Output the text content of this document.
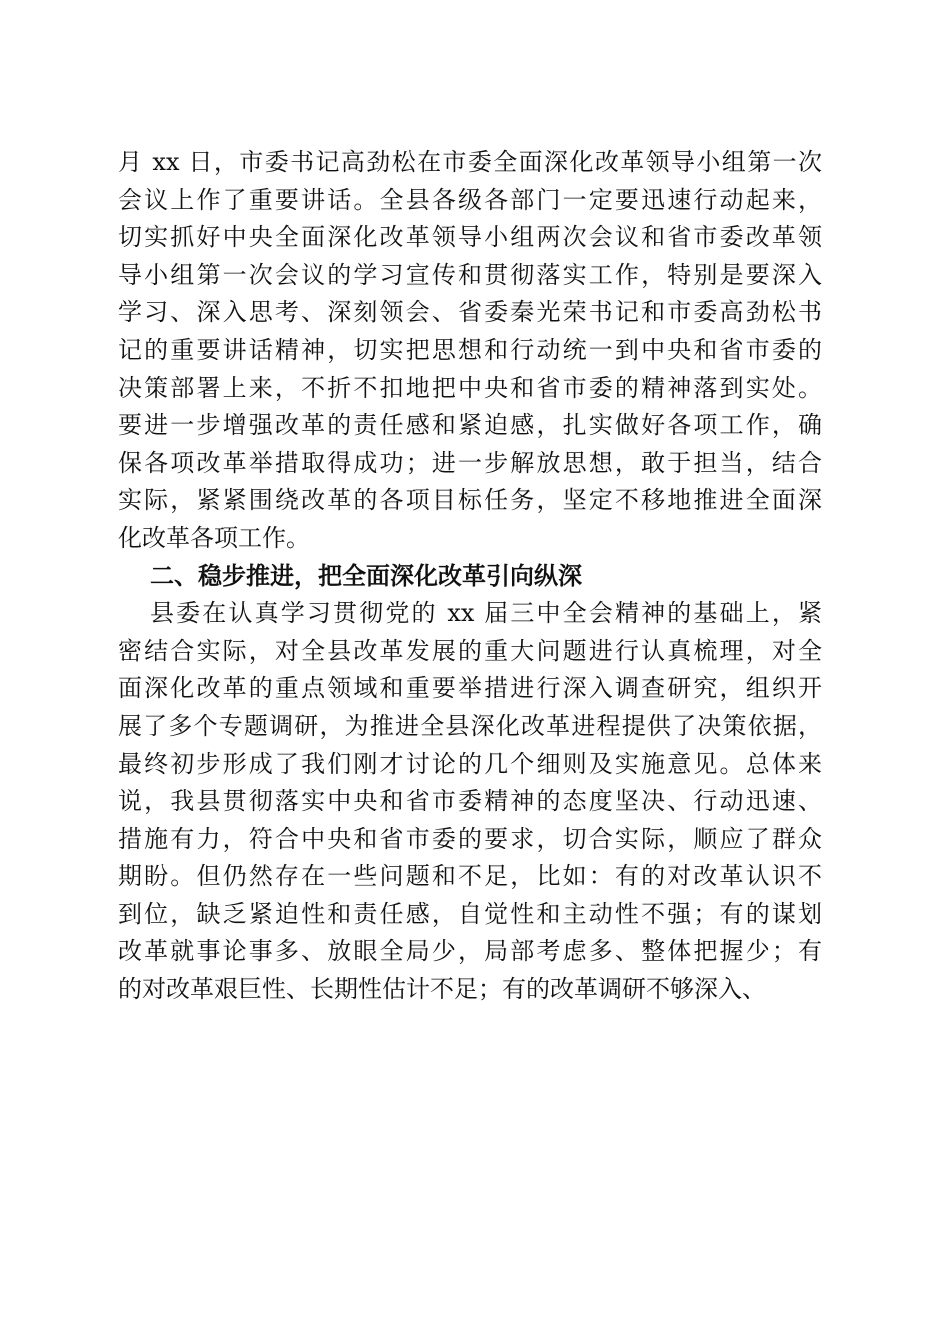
月 xx 日，市委书记高劲松在市委全面深化改革领导小组第一次
会议上作了重要讲话。全县各级各部门一定要迅速行动起来，
切实抓好中央全面深化改革领导小组两次会议和省市委改革领
导小组第一次会议的学习宣传和贯彻落实工作，特别是要深入
学习、深入思考、深刻领会、省委秦光荣书记和市委高劲松书
记的重要讲话精神，切实把思想和行动统一到中央和省市委的
决策部署上来，不折不扣地把中央和省市委的精神落到实处。
要进一步增强改革的责任感和紧迫感，扎实做好各项工作，确
保各项改革举措取得成功；进一步解放思想，敢于担当，结合
实际，紧紧围绕改革的各项目标任务，坚定不移地推进全面深
化改革各项工作。
二、稳步推进，把全面深化改革引向纵深
县委在认真学习贯彻党的 xx 届三中全会精神的基础上，紧
密结合实际，对全县改革发展的重大问题进行认真梳理，对全
面深化改革的重点领域和重要举措进行深入调查研究，组织开
展了多个专题调研，为推进全县深化改革进程提供了决策依据，
最终初步形成了我们刚才讨论的几个细则及实施意见。总体来
说，我县贯彻落实中央和省市委精神的态度坚决、行动迅速、
措施有力，符合中央和省市委的要求，切合实际，顺应了群众
期盼。但仍然存在一些问题和不足，比如：有的对改革认识不
到位，缺乏紧迫性和责任感，自觉性和主动性不强；有的谋划
改革就事论事多、放眼全局少，局部考虑多、整体把握少；有
的对改革艰巨性、长期性估计不足；有的改革调研不够深入、
